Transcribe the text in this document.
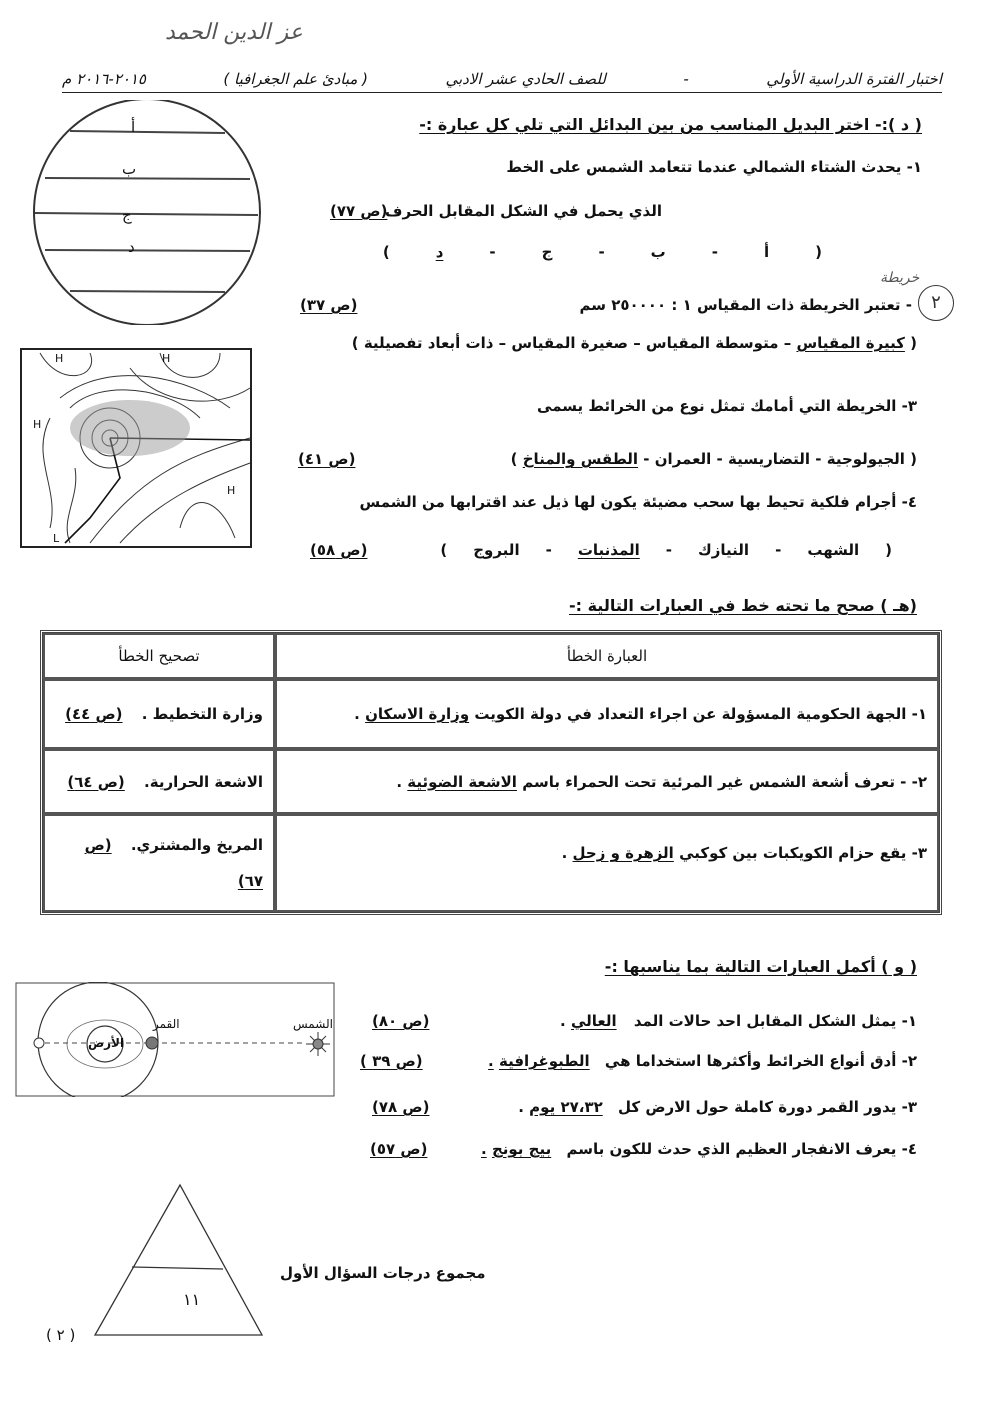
عز الدين الحمد
اختبار الفترة الدراسية الأولي
-
للصف الحادي عشر الادبي
( مبادئ علم الجغرافيا )
٢٠١٥-٢٠١٦ م
( د ):- اختر البديل المناسب من بين البدائل التي تلي كل عبارة :-
أ
ب
ج
د
١- يحدث الشتاء الشمالي عندما تتعامد الشمس على الخط
الذي يحمل في الشكل المقابل الحرف
(ص ٧٧)
(
أ
-
ب
-
ج
-
د
)
٢
خريطة
- تعتبر الخريطة ذات المقياس ١ : ٢٥٠٠٠٠ سم
(ص ٣٧)
( كبيرة المقياس – متوسطة المقياس – صغيرة المقياس – ذات أبعاد تفصيلية )
H	H
H
H
L
٣- الخريطة التي أمامك تمثل نوع من الخرائط يسمى
( الجيولوجية - التضاريسية - العمران - الطقس والمناخ )
(ص ٤١)
٤- أجرام فلكية تحيط بها سحب مضيئة يكون لها ذيل عند اقترابها من الشمس
(
الشهب
-
النيازك
-
المذنبات
-
البروج
)
(ص ٥٨)
(هـ ) صحح ما تحته خط في العبارات التالية :-
العبارة الخطأ	تصحيح الخطأ
١- الجهة الحكومية المسؤولة عن اجراء التعداد في دولة الكويت وزارة الاسكان .	وزارة التخطيط . (ص ٤٤)
٢- - تعرف أشعة الشمس غير المرئية تحت الحمراء باسم الاشعة الضوئية .	الاشعة الحرارية. (ص ٦٤)
٣- يقع حزام الكويكبات بين كوكبي الزهرة و زحل .	المريخ والمشتري. (ص ٦٧)
( و ) أكمل العبارات التالية بما يناسبها :-
الشمس
القمر
الأرض
١- يمثل الشكل المقابل احد حالات المد العالي .
(ص ٨٠)
٢- أدق أنواع الخرائط وأكثرها استخداما هي الطبوغرافية .
(ص ٣٩ )
٣- يدور القمر دورة كاملة حول الارض كل ٢٧،٣٢ يوم .
(ص ٧٨)
٤- يعرف الانفجار العظيم الذي حدث للكون باسم بيج بونج .
(ص ٥٧)
١١
مجموع درجات السؤال الأول
( ٢ )
